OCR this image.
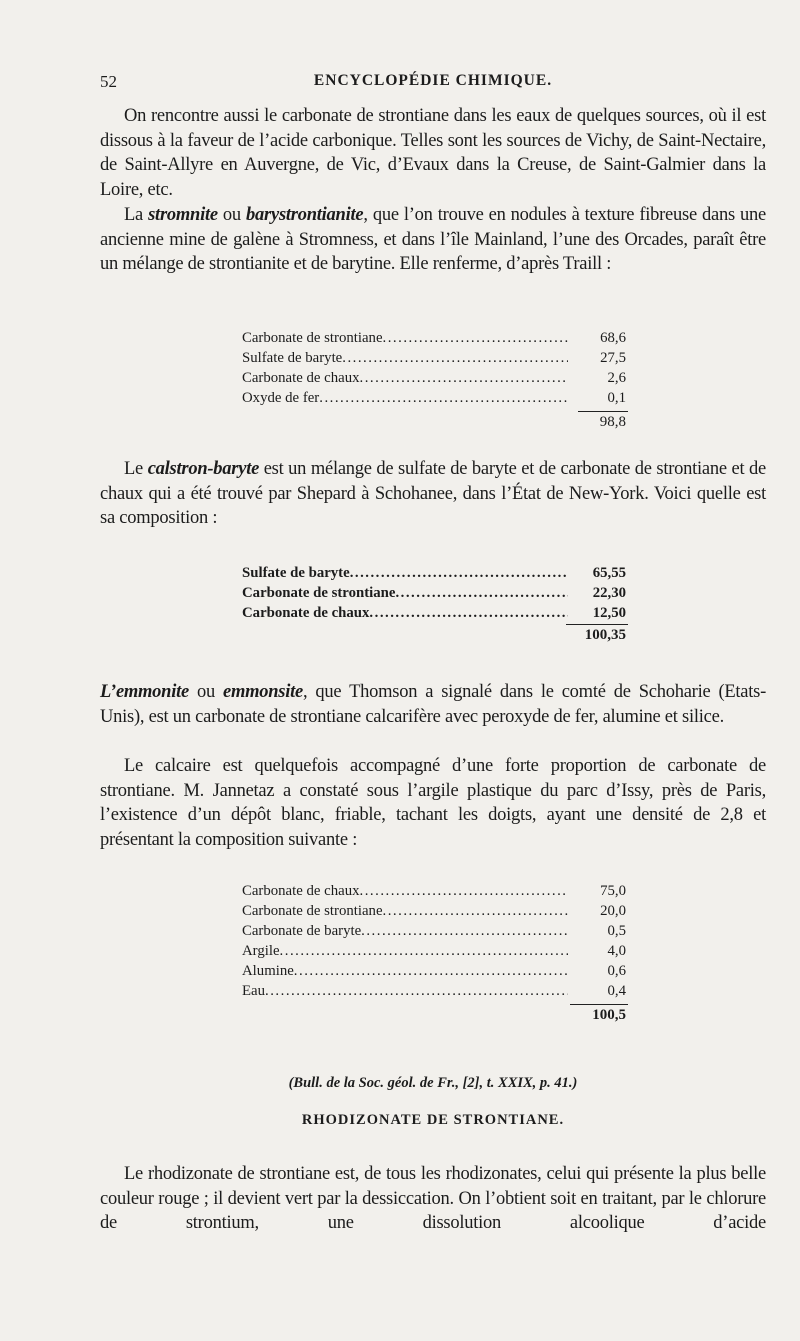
52	ENCYCLOPÉDIE CHIMIQUE.

On rencontre aussi le carbonate de strontiane dans les eaux de quelques sources, où il est dissous à la faveur de l’acide carbonique. Telles sont les sources de Vichy, de Saint-Nectaire, de Saint-Allyre en Auvergne, de Vic, d’Evaux dans la Creuse, de Saint-Galmier dans la Loire, etc.

La stromnite ou barystrontianite, que l’on trouve en nodules à texture fibreuse dans une ancienne mine de galène à Stromness, et dans l’île Mainland, l’une des Orcades, paraît être un mélange de strontianite et de barytine. Elle renferme, d’après Traill :

Carbonate de strontiane .....	68,6
Sulfate de baryte .....	27,5
Carbonate de chaux .....	2,6
Oxyde de fer .....	0,1
98,8

Le calstron-baryte est un mélange de sulfate de baryte et de carbonate de strontiane et de chaux qui a été trouvé par Shepard à Schohanee, dans l’État de New-York. Voici quelle est sa composition :

Sulfate de baryte .....	65,55
Carbonate de strontiane .....	22,30
Carbonate de chaux .....	12,50
100,35

L’emmonite ou emmonsite, que Thomson a signalé dans le comté de Schoharie (Etats-Unis), est un carbonate de strontiane calcarifère avec peroxyde de fer, alumine et silice.

Le calcaire est quelquefois accompagné d’une forte proportion de carbonate de strontiane. M. Jannetaz a constaté sous l’argile plastique du parc d’Issy, près de Paris, l’existence d’un dépôt blanc, friable, tachant les doigts, ayant une densité de 2,8 et présentant la composition suivante :

Carbonate de chaux .....	75,0
Carbonate de strontiane .....	20,0
Carbonate de baryte .....	0,5
Argile .....	4,0
Alumine .....	0,6
Eau .....	0,4
100,5
(Bull. de la Soc. géol. de Fr., [2], t. XXIX, p. 41.)
RHODIZONATE DE STRONTIANE.

Le rhodizonate de strontiane est, de tous les rhodizonates, celui qui présente la plus belle couleur rouge ; il devient vert par la dessiccation. On l’obtient soit en traitant, par le chlorure de strontium, une dissolution alcoolique d’acide
